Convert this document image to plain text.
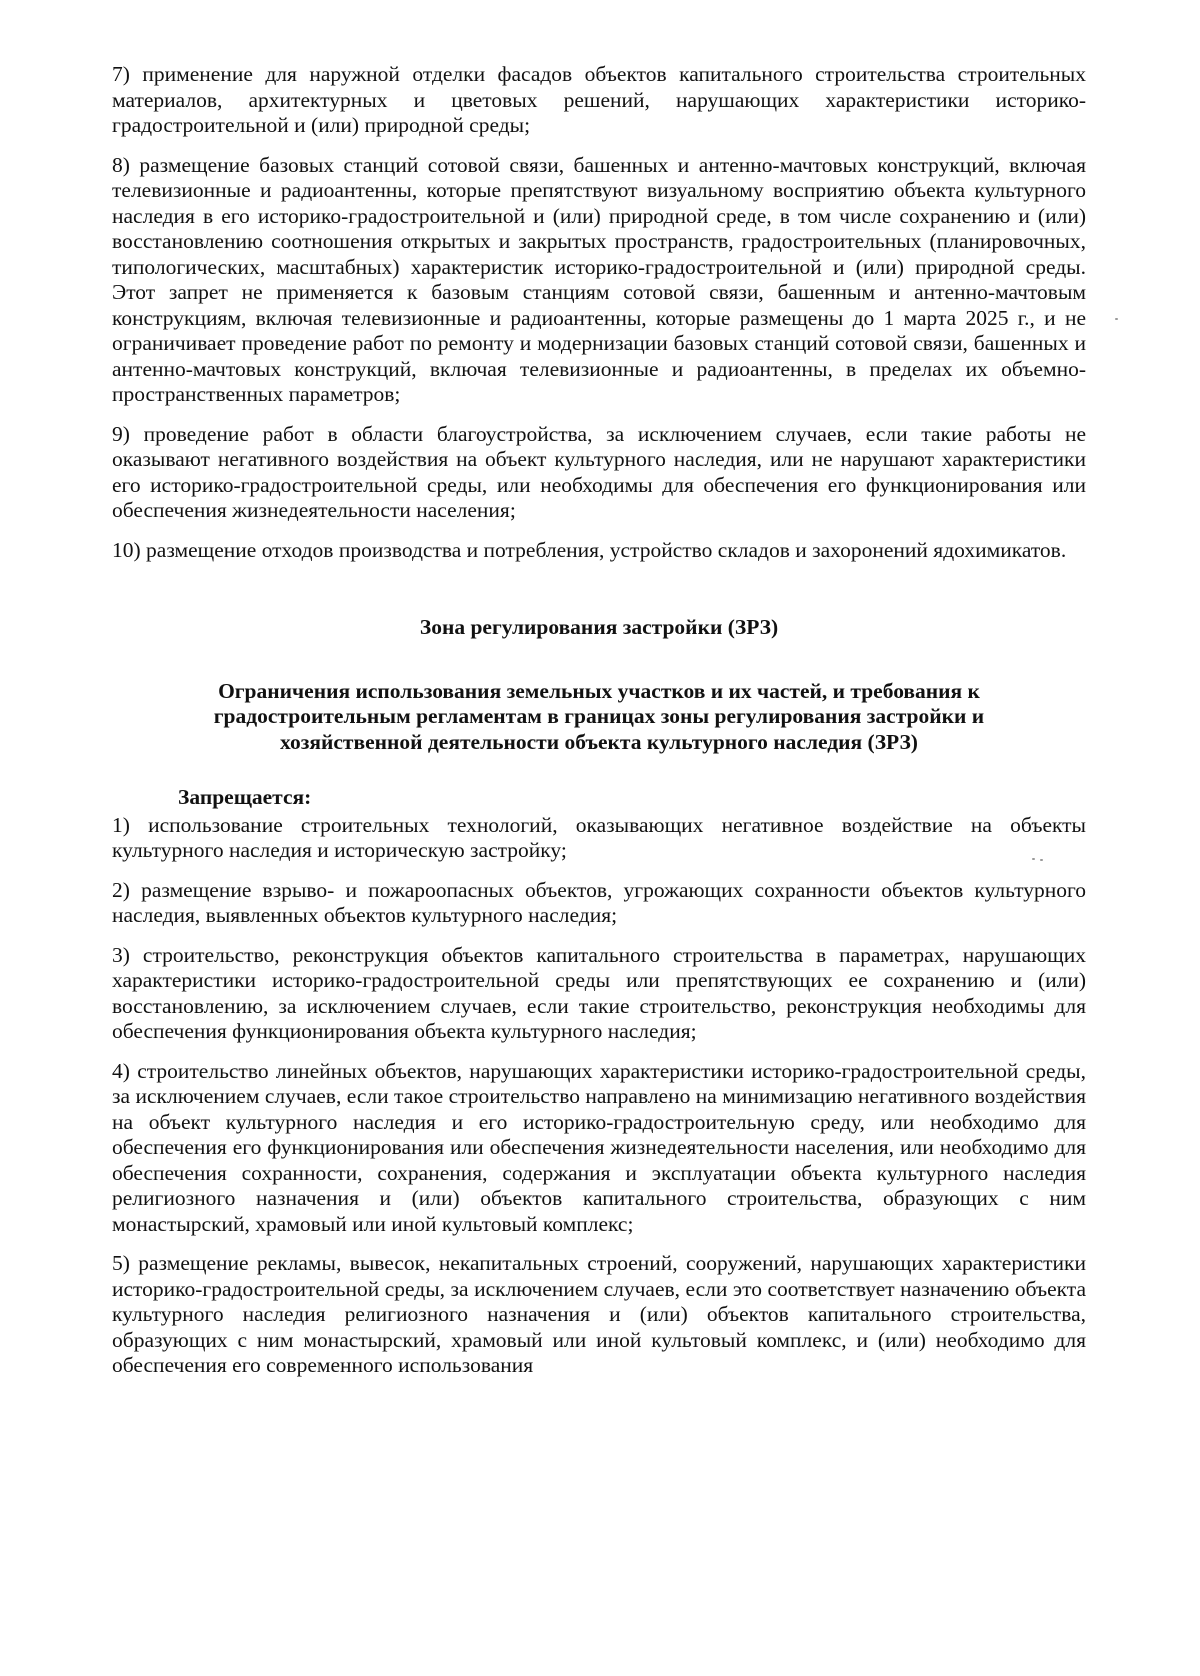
7) применение для наружной отделки фасадов объектов капитального строительства строительных материалов, архитектурных и цветовых решений, нарушающих характеристики историко-градостроительной и (или) природной среды;

8) размещение базовых станций сотовой связи, башенных и антенно-мачтовых конструкций, включая телевизионные и радиоантенны, которые препятствуют визуальному восприятию объекта культурного наследия в его историко-градостроительной и (или) природной среде, в том числе сохранению и (или) восстановлению соотношения открытых и закрытых пространств, градостроительных (планировочных, типологических, масштабных) характеристик историко-градостроительной и (или) природной среды. Этот запрет не применяется к базовым станциям сотовой связи, башенным и антенно-мачтовым конструкциям, включая телевизионные и радиоантенны, которые размещены до 1 марта 2025 г., и не ограничивает проведение работ по ремонту и модернизации базовых станций сотовой связи, башенных и антенно-мачтовых конструкций, включая телевизионные и радиоантенны, в пределах их объемно-пространственных параметров;

9) проведение работ в области благоустройства, за исключением случаев, если такие работы не оказывают негативного воздействия на объект культурного наследия, или не нарушают характеристики его историко-градостроительной среды, или необходимы для обеспечения его функционирования или обеспечения жизнедеятельности населения;

10) размещение отходов производства и потребления, устройство складов и захоронений ядохимикатов.

Зона регулирования застройки (ЗРЗ)
Ограничения использования земельных участков и их частей, и требования к градостроительным регламентам в границах зоны регулирования застройки и хозяйственной деятельности объекта культурного наследия (ЗРЗ)

Запрещается:

1) использование строительных технологий, оказывающих негативное воздействие на объекты культурного наследия и историческую застройку;

2) размещение взрыво- и пожароопасных объектов, угрожающих сохранности объектов культурного наследия, выявленных объектов культурного наследия;

3) строительство, реконструкция объектов капитального строительства в параметрах, нарушающих характеристики историко-градостроительной среды или препятствующих ее сохранению и (или) восстановлению, за исключением случаев, если такие строительство, реконструкция необходимы для обеспечения функционирования объекта культурного наследия;

4) строительство линейных объектов, нарушающих характеристики историко-градостроительной среды, за исключением случаев, если такое строительство направлено на минимизацию негативного воздействия на объект культурного наследия и его историко-градостроительную среду, или необходимо для обеспечения его функционирования или обеспечения жизнедеятельности населения, или необходимо для обеспечения сохранности, сохранения, содержания и эксплуатации объекта культурного наследия религиозного назначения и (или) объектов капитального строительства, образующих с ним монастырский, храмовый или иной культовый комплекс;

5) размещение рекламы, вывесок, некапитальных строений, сооружений, нарушающих характеристики историко-градостроительной среды, за исключением случаев, если это соответствует назначению объекта культурного наследия религиозного назначения и (или) объектов капитального строительства, образующих с ним монастырский, храмовый или иной культовый комплекс, и (или) необходимо для обеспечения его современного использования
